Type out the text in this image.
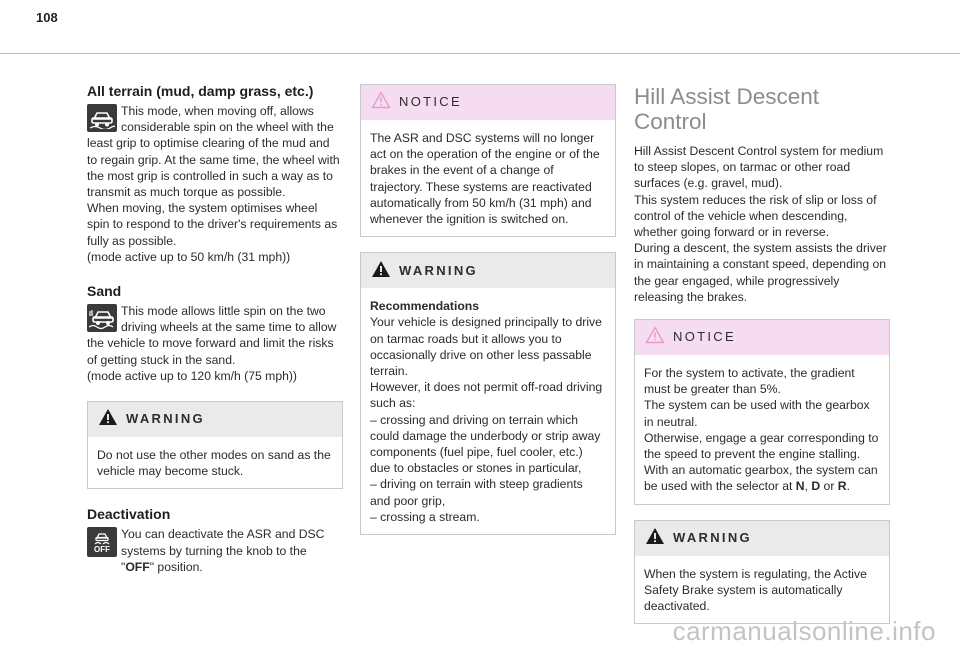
108
All terrain (mud, damp grass, etc.)
This mode, when moving off, allows considerable spin on the wheel with the least grip to optimise clearing of the mud and to regain grip. At the same time, the wheel with the most grip is controlled in such a way as to transmit as much torque as possible.
When moving, the system optimises wheel spin to respond to the driver's requirements as fully as possible.
(mode active up to 50 km/h (31 mph))
Sand
This mode allows little spin on the two driving wheels at the same time to allow the vehicle to move forward and limit the risks of getting stuck in the sand.
(mode active up to 120 km/h (75 mph))
WARNING
Do not use the other modes on sand as the vehicle may become stuck.
Deactivation
OFF
You can deactivate the ASR and DSC systems by turning the knob to the "OFF" position.
NOTICE
The ASR and DSC systems will no longer act on the operation of the engine or of the brakes in the event of a change of trajectory. These systems are reactivated automatically from 50 km/h (31 mph) and whenever the ignition is switched on.
WARNING
Recommendations
Your vehicle is designed principally to drive on tarmac roads but it allows you to occasionally drive on other less passable terrain.
However, it does not permit off-road driving such as:
– crossing and driving on terrain which could damage the underbody or strip away components (fuel pipe, fuel cooler, etc.) due to obstacles or stones in particular,
– driving on terrain with steep gradients and poor grip,
– crossing a stream.
Hill Assist Descent
Control
Hill Assist Descent Control system for medium to steep slopes, on tarmac or other road surfaces (e.g. gravel, mud).
This system reduces the risk of slip or loss of control of the vehicle when descending, whether going forward or in reverse.
During a descent, the system assists the driver in maintaining a constant speed, depending on the gear engaged, while progressively releasing the brakes.
NOTICE
For the system to activate, the gradient must be greater than 5%.
The system can be used with the gearbox in neutral.
Otherwise, engage a gear corresponding to the speed to prevent the engine stalling.
With an automatic gearbox, the system can be used with the selector at N, D or R.
WARNING
When the system is regulating, the Active Safety Brake system is automatically deactivated.
carmanualsonline.info
